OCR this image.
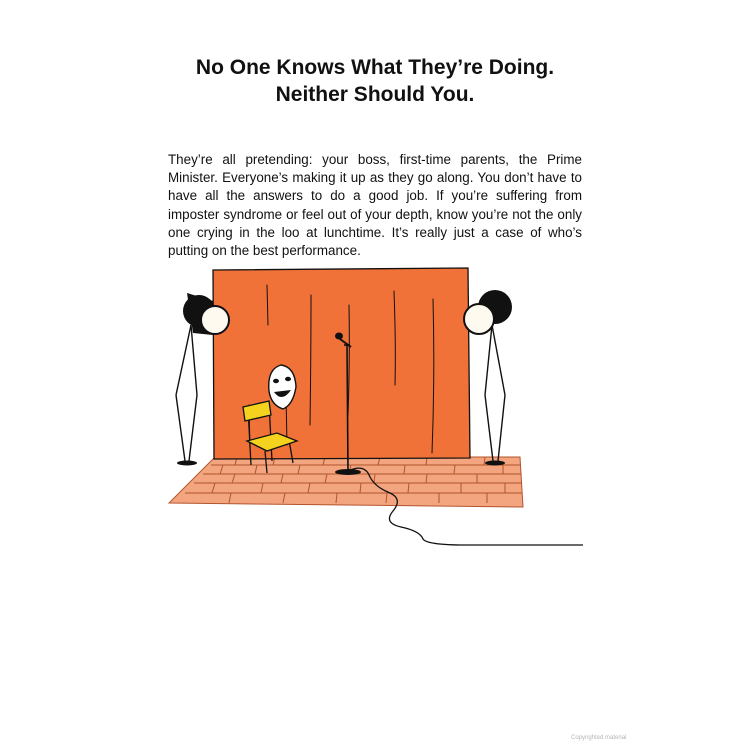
No One Knows What They’re Doing.
Neither Should You.

They’re all pretending: your boss, first-time parents, the Prime Minister. Everyone’s making it up as they go along. You don’t have to have all the answers to do a good job. If you’re suffering from imposter syndrome or feel out of your depth, know you’re not the only one crying in the loo at lunchtime. It’s really just a case of who’s putting on the best performance.

Copyrighted material
